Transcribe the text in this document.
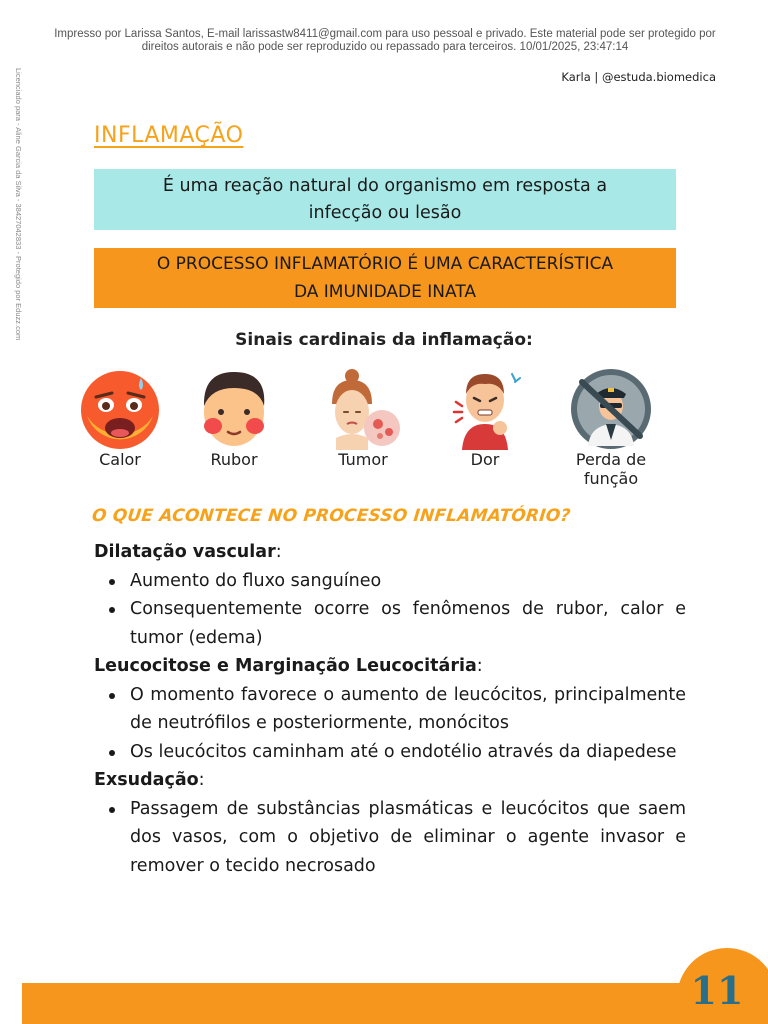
Impresso por Larissa Santos, E-mail larissastw8411@gmail.com para uso pessoal e privado. Este material pode ser protegido por
direitos autorais e não pode ser reproduzido ou repassado para terceiros. 10/01/2025, 23:47:14
Licenciado para - Aline Garcia da Silva - 38427042833 - Protegido por Eduzz.com	Karla | @estuda.biomedica
INFLAMAÇÃO
É uma reação natural do organismo em resposta a infecção ou lesão
O PROCESSO INFLAMATÓRIO É UMA CARACTERÍSTICA DA IMUNIDADE INATA
Sinais cardinais da inflamação:
Calor	Rubor	Tumor	Dor	Perda de função
O QUE ACONTECE NO PROCESSO INFLAMATÓRIO?
Dilatação vascular:
Aumento do fluxo sanguíneo
Consequentemente ocorre os fenômenos de rubor, calor e tumor (edema)
Leucocitose e Marginação Leucocitária:
O momento favorece o aumento de leucócitos, principalmente de neutrófilos e posteriormente, monócitos
Os leucócitos caminham até o endotélio através da diapedese
Exsudação:
Passagem de substâncias plasmáticas e leucócitos que saem dos vasos, com o objetivo de eliminar o agente invasor e remover o tecido necrosado
11
